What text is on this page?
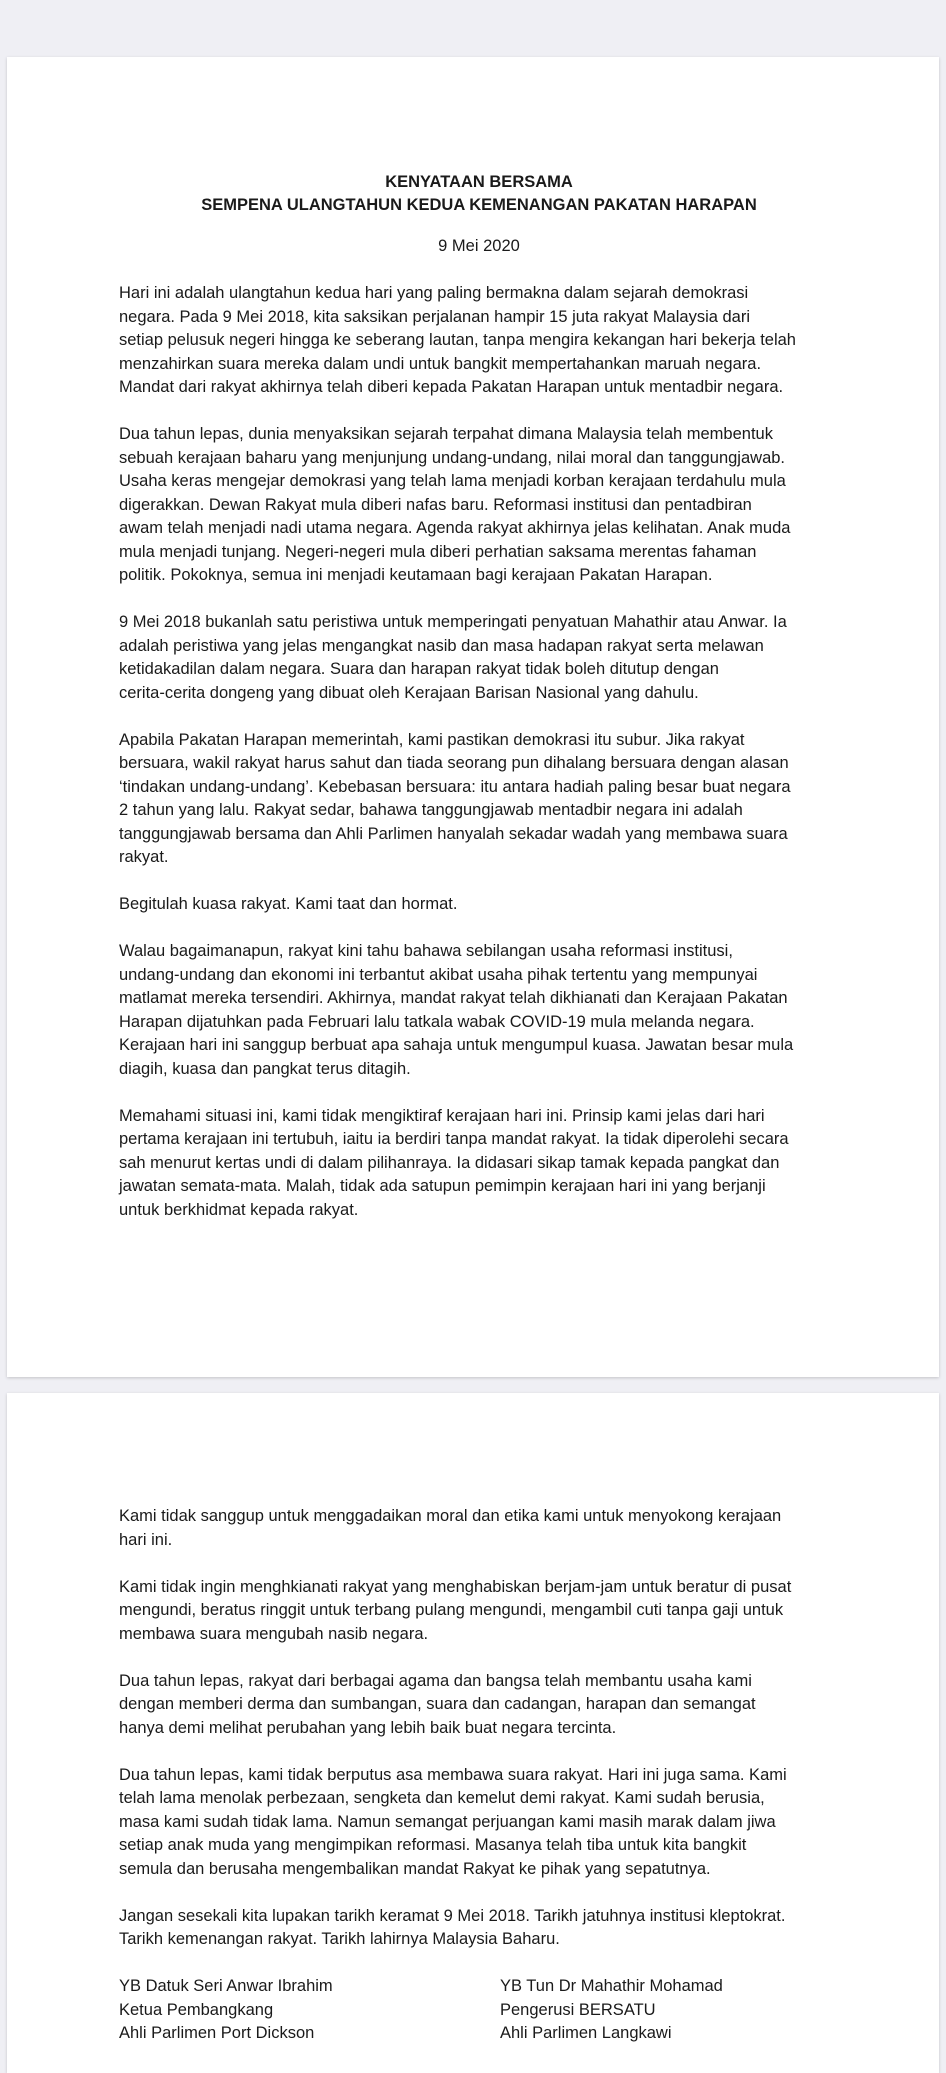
KENYATAAN BERSAMA

SEMPENA ULANGTAHUN KEDUA KEMENANGAN PAKATAN HARAPAN

9 Mei 2020

Hari ini adalah ulangtahun kedua hari yang paling bermakna dalam sejarah demokrasi
negara. Pada 9 Mei 2018, kita saksikan perjalanan hampir 15 juta rakyat Malaysia dari
setiap pelusuk negeri hingga ke seberang lautan, tanpa mengira kekangan hari bekerja telah
menzahirkan suara mereka dalam undi untuk bangkit mempertahankan maruah negara.
Mandat dari rakyat akhirnya telah diberi kepada Pakatan Harapan untuk mentadbir negara.

Dua tahun lepas, dunia menyaksikan sejarah terpahat dimana Malaysia telah membentuk
sebuah kerajaan baharu yang menjunjung undang-undang, nilai moral dan tanggungjawab.
Usaha keras mengejar demokrasi yang telah lama menjadi korban kerajaan terdahulu mula
digerakkan. Dewan Rakyat mula diberi nafas baru. Reformasi institusi dan pentadbiran
awam telah menjadi nadi utama negara. Agenda rakyat akhirnya jelas kelihatan. Anak muda
mula menjadi tunjang. Negeri-negeri mula diberi perhatian saksama merentas fahaman
politik. Pokoknya, semua ini menjadi keutamaan bagi kerajaan Pakatan Harapan.

9 Mei 2018 bukanlah satu peristiwa untuk memperingati penyatuan Mahathir atau Anwar. Ia
adalah peristiwa yang jelas mengangkat nasib dan masa hadapan rakyat serta melawan
ketidakadilan dalam negara. Suara dan harapan rakyat tidak boleh ditutup dengan
cerita-cerita dongeng yang dibuat oleh Kerajaan Barisan Nasional yang dahulu.

Apabila Pakatan Harapan memerintah, kami pastikan demokrasi itu subur. Jika rakyat
bersuara, wakil rakyat harus sahut dan tiada seorang pun dihalang bersuara dengan alasan
‘tindakan undang-undang’. Kebebasan bersuara: itu antara hadiah paling besar buat negara
2 tahun yang lalu. Rakyat sedar, bahawa tanggungjawab mentadbir negara ini adalah
tanggungjawab bersama dan Ahli Parlimen hanyalah sekadar wadah yang membawa suara
rakyat.

Begitulah kuasa rakyat. Kami taat dan hormat.

Walau bagaimanapun, rakyat kini tahu bahawa sebilangan usaha reformasi institusi,
undang-undang dan ekonomi ini terbantut akibat usaha pihak tertentu yang mempunyai
matlamat mereka tersendiri. Akhirnya, mandat rakyat telah dikhianati dan Kerajaan Pakatan
Harapan dijatuhkan pada Februari lalu tatkala wabak COVID-19 mula melanda negara.
Kerajaan hari ini sanggup berbuat apa sahaja untuk mengumpul kuasa. Jawatan besar mula
diagih, kuasa dan pangkat terus ditagih.

Memahami situasi ini, kami tidak mengiktiraf kerajaan hari ini. Prinsip kami jelas dari hari
pertama kerajaan ini tertubuh, iaitu ia berdiri tanpa mandat rakyat. Ia tidak diperolehi secara
sah menurut kertas undi di dalam pilihanraya. Ia didasari sikap tamak kepada pangkat dan
jawatan semata-mata. Malah, tidak ada satupun pemimpin kerajaan hari ini yang berjanji
untuk berkhidmat kepada rakyat.

Kami tidak sanggup untuk menggadaikan moral dan etika kami untuk menyokong kerajaan
hari ini.

Kami tidak ingin menghkianati rakyat yang menghabiskan berjam-jam untuk beratur di pusat
mengundi, beratus ringgit untuk terbang pulang mengundi, mengambil cuti tanpa gaji untuk
membawa suara mengubah nasib negara.

Dua tahun lepas, rakyat dari berbagai agama dan bangsa telah membantu usaha kami
dengan memberi derma dan sumbangan, suara dan cadangan, harapan dan semangat
hanya demi melihat perubahan yang lebih baik buat negara tercinta.

Dua tahun lepas, kami tidak berputus asa membawa suara rakyat. Hari ini juga sama. Kami
telah lama menolak perbezaan, sengketa dan kemelut demi rakyat. Kami sudah berusia,
masa kami sudah tidak lama. Namun semangat perjuangan kami masih marak dalam jiwa
setiap anak muda yang mengimpikan reformasi. Masanya telah tiba untuk kita bangkit
semula dan berusaha mengembalikan mandat Rakyat ke pihak yang sepatutnya.

Jangan sesekali kita lupakan tarikh keramat 9 Mei 2018. Tarikh jatuhnya institusi kleptokrat.
Tarikh kemenangan rakyat. Tarikh lahirnya Malaysia Baharu.

YB Datuk Seri Anwar Ibrahim
Ketua Pembangkang
Ahli Parlimen Port Dickson
YB Tun Dr Mahathir Mohamad
Pengerusi BERSATU
Ahli Parlimen Langkawi
